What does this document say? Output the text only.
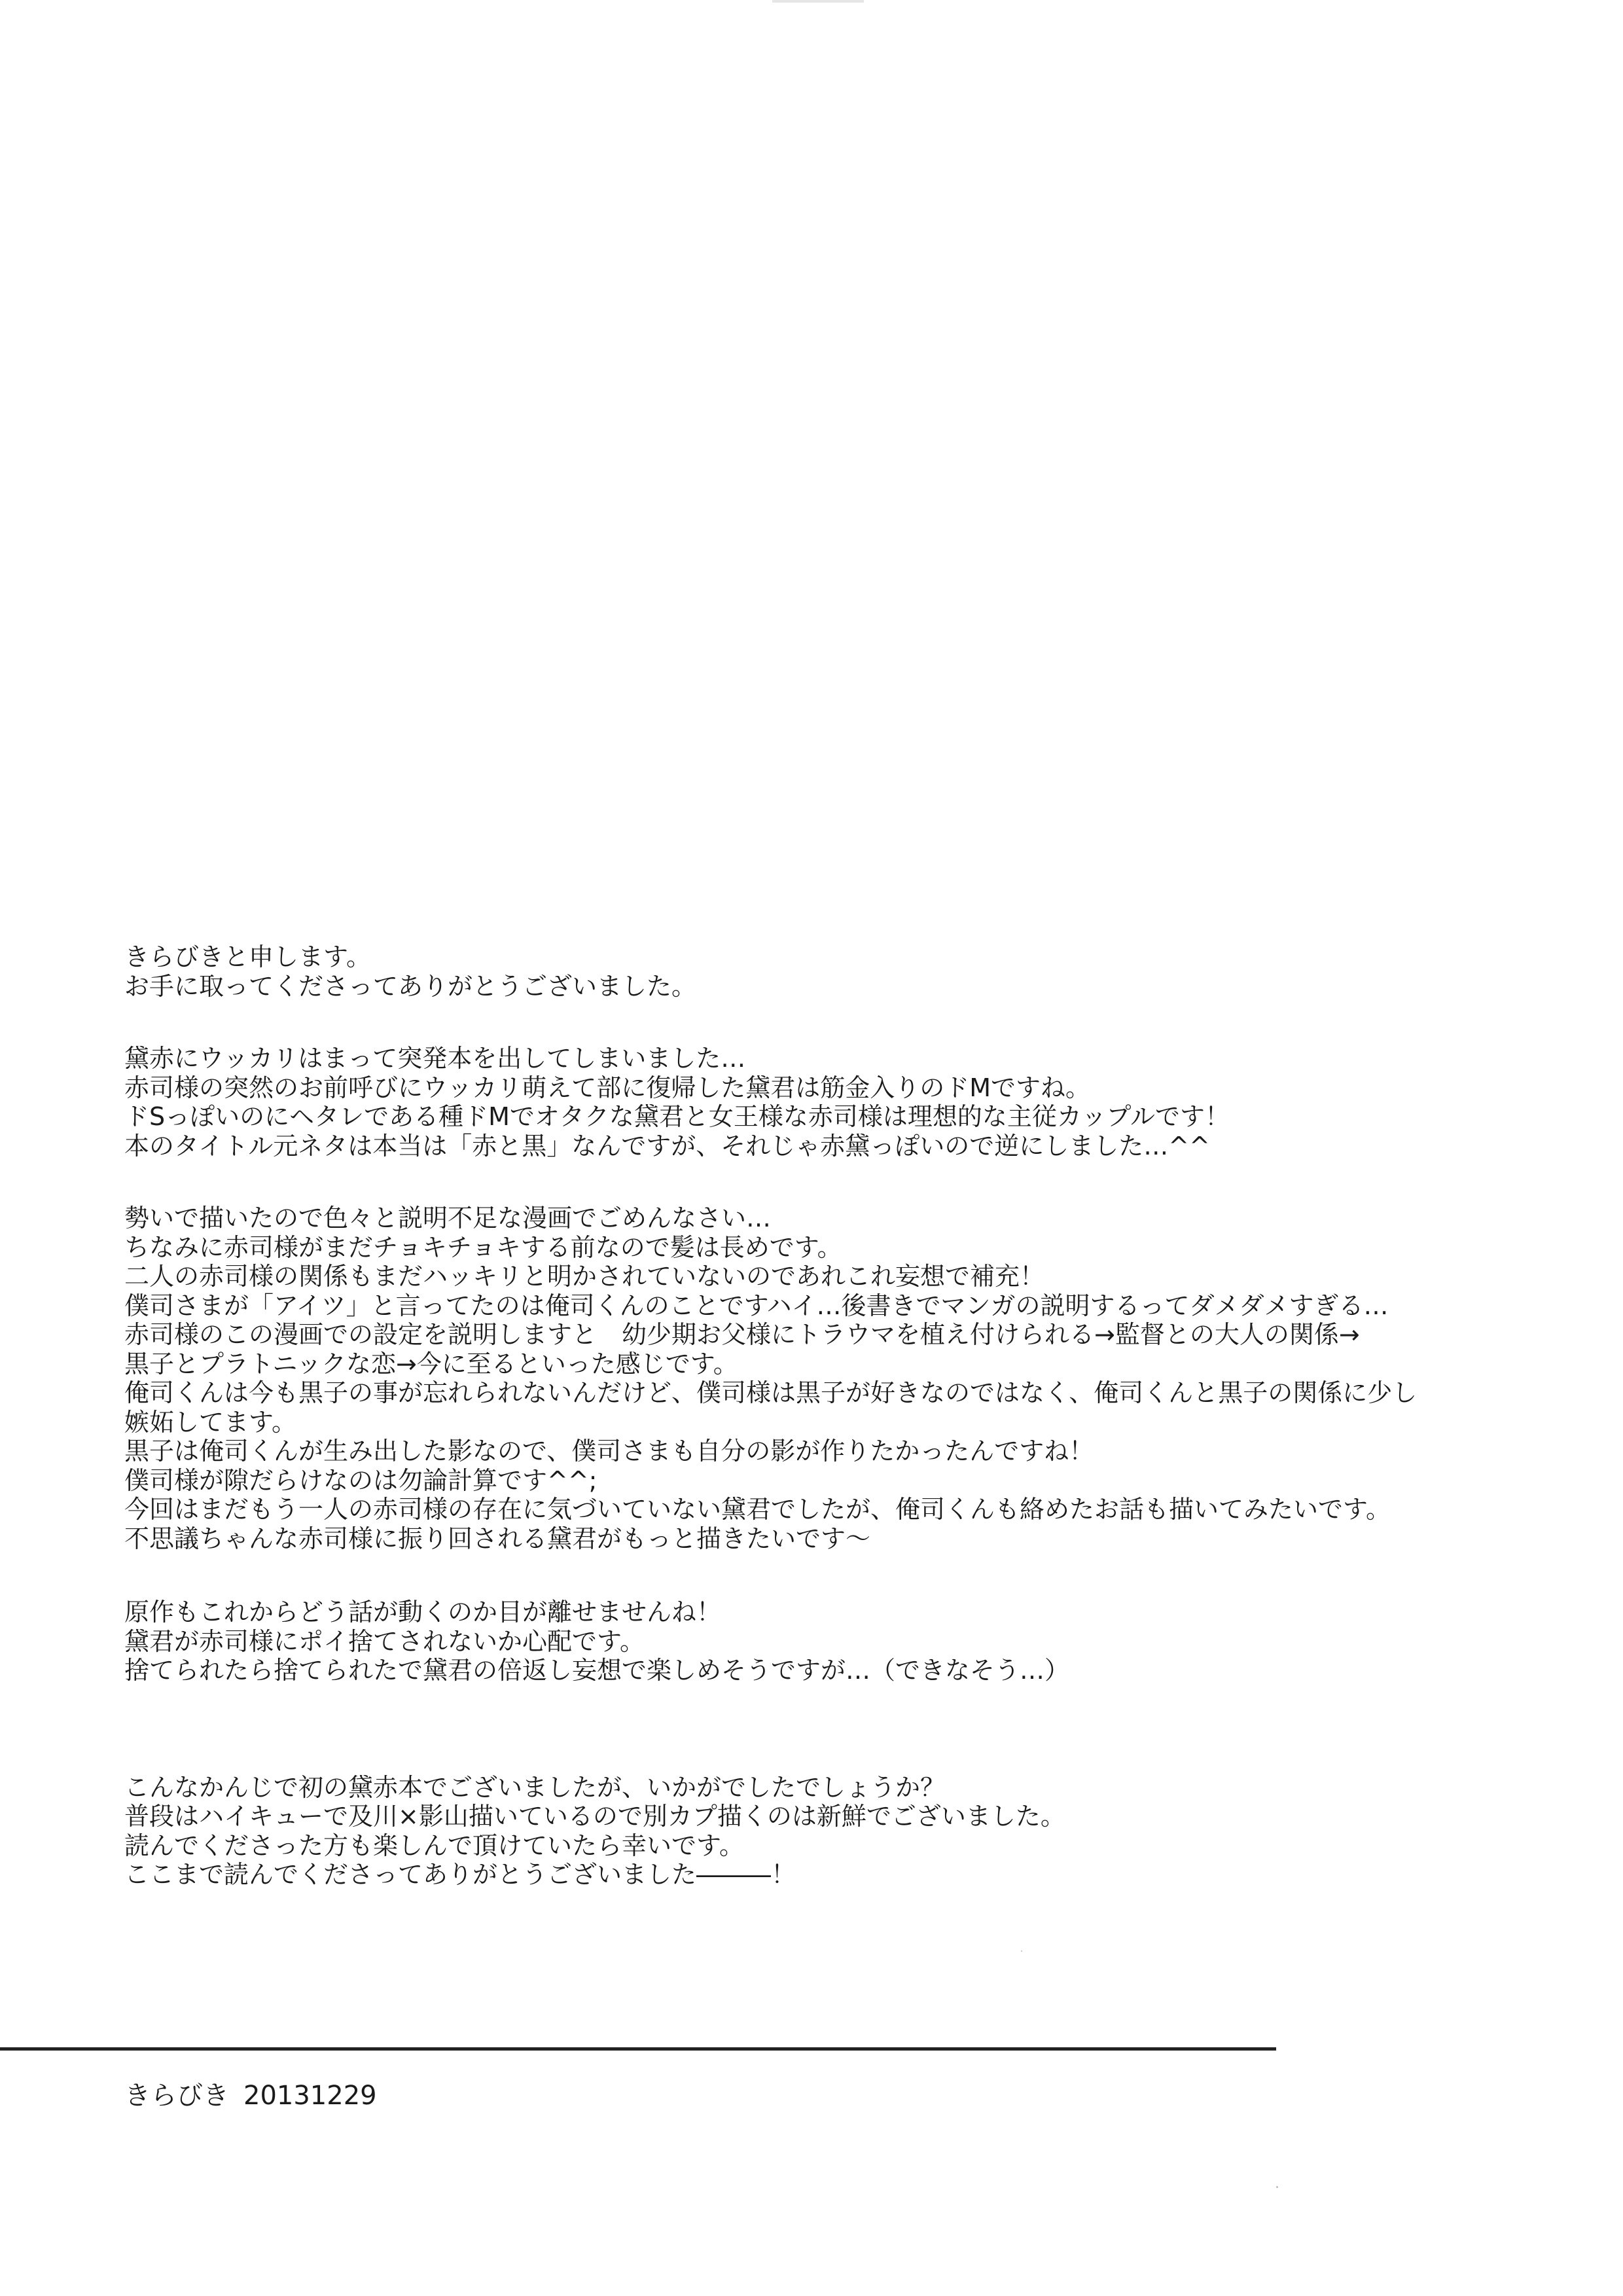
きらびきと申します。
お手に取ってくださってありがとうございました。
黛赤にウッカリはまって突発本を出してしまいました…
赤司様の突然のお前呼びにウッカリ萌えて部に復帰した黛君は筋金入りのドMですね。
ドSっぽいのにヘタレである種ドMでオタクな黛君と女王様な赤司様は理想的な主従カップルです！
本のタイトル元ネタは本当は「赤と黒」なんですが、それじゃ赤黛っぽいので逆にしました…^^
勢いで描いたので色々と説明不足な漫画でごめんなさい…
ちなみに赤司様がまだチョキチョキする前なので髪は長めです。
二人の赤司様の関係もまだハッキリと明かされていないのであれこれ妄想で補充！
僕司さまが「アイツ」と言ってたのは俺司くんのことですハイ…後書きでマンガの説明するってダメダメすぎる…
赤司様のこの漫画での設定を説明しますと　幼少期お父様にトラウマを植え付けられる→監督との大人の関係→
黒子とプラトニックな恋→今に至るといった感じです。
俺司くんは今も黒子の事が忘れられないんだけど、僕司様は黒子が好きなのではなく、俺司くんと黒子の関係に少し
嫉妬してます。
黒子は俺司くんが生み出した影なので、僕司さまも自分の影が作りたかったんですね！
僕司様が隙だらけなのは勿論計算です^^;
今回はまだもう一人の赤司様の存在に気づいていない黛君でしたが、俺司くんも絡めたお話も描いてみたいです。
不思議ちゃんな赤司様に振り回される黛君がもっと描きたいです〜
原作もこれからどう話が動くのか目が離せませんね！
黛君が赤司様にポイ捨てされないか心配です。
捨てられたら捨てられたで黛君の倍返し妄想で楽しめそうですが…（できなそう…）
こんなかんじで初の黛赤本でございましたが、いかがでしたでしょうか？
普段はハイキューで及川×影山描いているので別カプ描くのは新鮮でございました。
読んでくださった方も楽しんで頂けていたら幸いです。
ここまで読んでくださってありがとうございました―――！
きらびき 20131229
